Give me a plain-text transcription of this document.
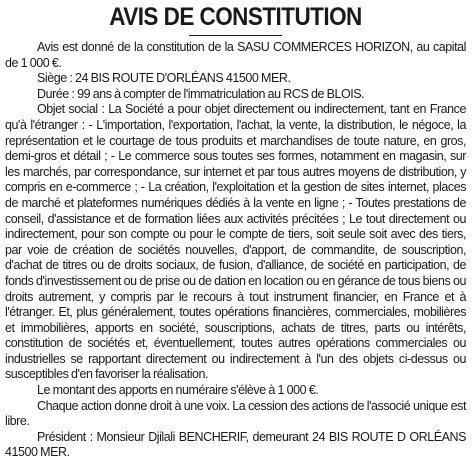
AVIS DE CONSTITUTION

Avis est donné de la constitution de la SASU COMMERCES HORIZON, au capital de 1 000 €.

Siège : 24 BIS ROUTE D'ORLÉANS 41500 MER.

Durée : 99 ans à compter de l'immatriculation au RCS de BLOIS.

Objet social : La Société a pour objet directement ou indirectement, tant en France qu'à l'étranger : - L'importation, l'exportation, l'achat, la vente, la distribution, le négoce, la représentation et le courtage de tous produits et marchandises de toute nature, en gros, demi-gros et détail ; - Le commerce sous toutes ses formes, notamment en magasin, sur les marchés, par correspondance, sur internet et par tous autres moyens de distribution, y compris en e-commerce ; - La création, l'exploitation et la gestion de sites internet, places de marché et plateformes numériques dédiés à la vente en ligne ; - Toutes prestations de conseil, d'assistance et de formation liées aux activités précitées ; Le tout directement ou indirectement, pour son compte ou pour le compte de tiers, soit seule soit avec des tiers, par voie de création de sociétés nouvelles, d'apport, de commandite, de souscription, d'achat de titres ou de droits sociaux, de fusion, d'alliance, de société en participation, de fonds d'investissement ou de prise ou de dation en location ou en gérance de tous biens ou droits autrement, y compris par le recours à tout instrument financier, en France et à l'étranger. Et, plus généralement, toutes opérations financières, commerciales, mobilières et immobilières, apports en société, souscriptions, achats de titres, parts ou intérêts, constitution de sociétés et, éventuellement, toutes autres opérations commerciales ou industrielles se rapportant directement ou indirectement à l'un des objets ci-dessus ou susceptibles d'en favoriser la réalisation.

Le montant des apports en numéraire s'élève à 1 000 €.

Chaque action donne droit à une voix. La cession des actions de l'associé unique est libre.

Président : Monsieur Djilali BENCHERIF, demeurant 24 BIS ROUTE D ORLÉANS 41500 MER.
